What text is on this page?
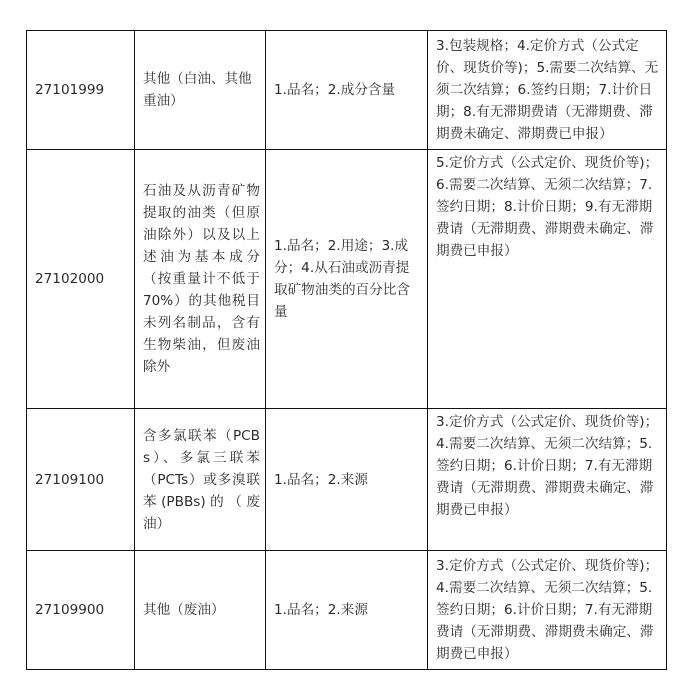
27101999	其他（白油、其他重油）	1.品名；2.成分含量	3.包装规格；4.定价方式（公式定价、现货价等)；5.需要二次结算、无须二次结算；6.签约日期；7.计价日期；8.有无滞期费请（无滞期费、滞期费未确定、滞期费已申报）
27102000	石油及从沥青矿物提取的油类（但原油除外）以及以上述油为基本成分（按重量计不低于 70%）的其他税目未列名制品，含有生物柴油，但废油除外	1.品名；2.用途；3.成分；4.从石油或沥青提取矿物油类的百分比含量	5.定价方式（公式定价、现货价等)；6.需要二次结算、无须二次结算；7.签约日期；8.计价日期；9.有无滞期费请（无滞期费、滞期费未确定、滞期费已申报）
27109100	含多氯联苯（PCBs）、多氯三联苯（PCTs）或多溴联苯(PBBs)的（废油）	1.品名；2.来源	3.定价方式（公式定价、现货价等)；4.需要二次结算、无须二次结算；5.签约日期；6.计价日期；7.有无滞期费请（无滞期费、滞期费未确定、滞期费已申报）
27109900	其他（废油）	1.品名；2.来源	3.定价方式（公式定价、现货价等)；4.需要二次结算、无须二次结算；5.签约日期；6.计价日期；7.有无滞期费请（无滞期费、滞期费未确定、滞期费已申报）
